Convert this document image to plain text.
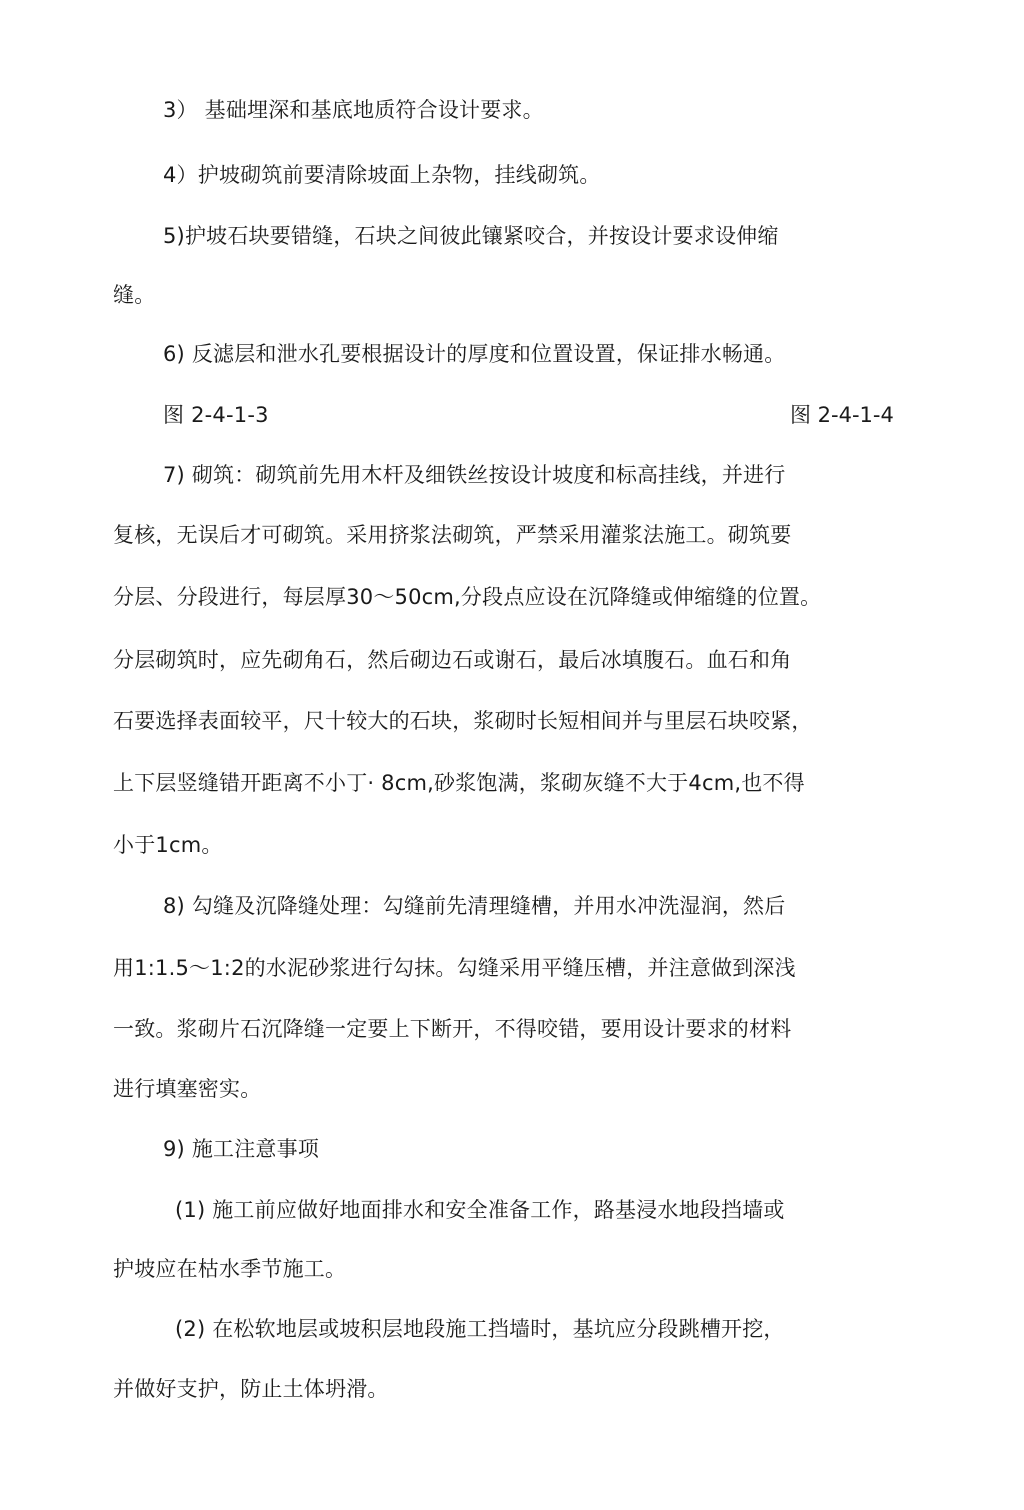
3） 基础埋深和基底地质符合设计要求。
4）护坡砌筑前要清除坡面上杂物，挂线砌筑。
5)护坡石块要错缝，石块之间彼此镶紧咬合，并按设计要求设伸缩
缝。
6) 反滤层和泄水孔要根据设计的厚度和位置设置，保证排水畅通。
图 2-4-1-3	图 2-4-1-4
7) 砌筑：砌筑前先用木杆及细铁丝按设计坡度和标高挂线，并进行
复核，无误后才可砌筑。采用挤浆法砌筑，严禁采用灌浆法施工。砌筑要
分层、分段进行，每层厚30～50cm,分段点应设在沉降缝或伸缩缝的位置。
分层砌筑时，应先砌角石，然后砌边石或谢石，最后冰填腹石。血石和角
石要选择表面较平，尺十较大的石块，浆砌时长短相间并与里层石块咬紧，
上下层竖缝错开距离不小丁· 8cm,砂浆饱满，浆砌灰缝不大于4cm,也不得
小于1cm。
8) 勾缝及沉降缝处理：勾缝前先清理缝槽，并用水冲洗湿润，然后
用1:1.5～1:2的水泥砂浆进行勾抹。勾缝采用平缝压槽，并注意做到深浅
一致。浆砌片石沉降缝一定要上下断开，不得咬错，要用设计要求的材料
进行填塞密实。
9) 施工注意事项
(1) 施工前应做好地面排水和安全准备工作，路基浸水地段挡墙或
护坡应在枯水季节施工。
(2) 在松软地层或坡积层地段施工挡墙时，基坑应分段跳槽开挖，
并做好支护，防止土体坍滑。
